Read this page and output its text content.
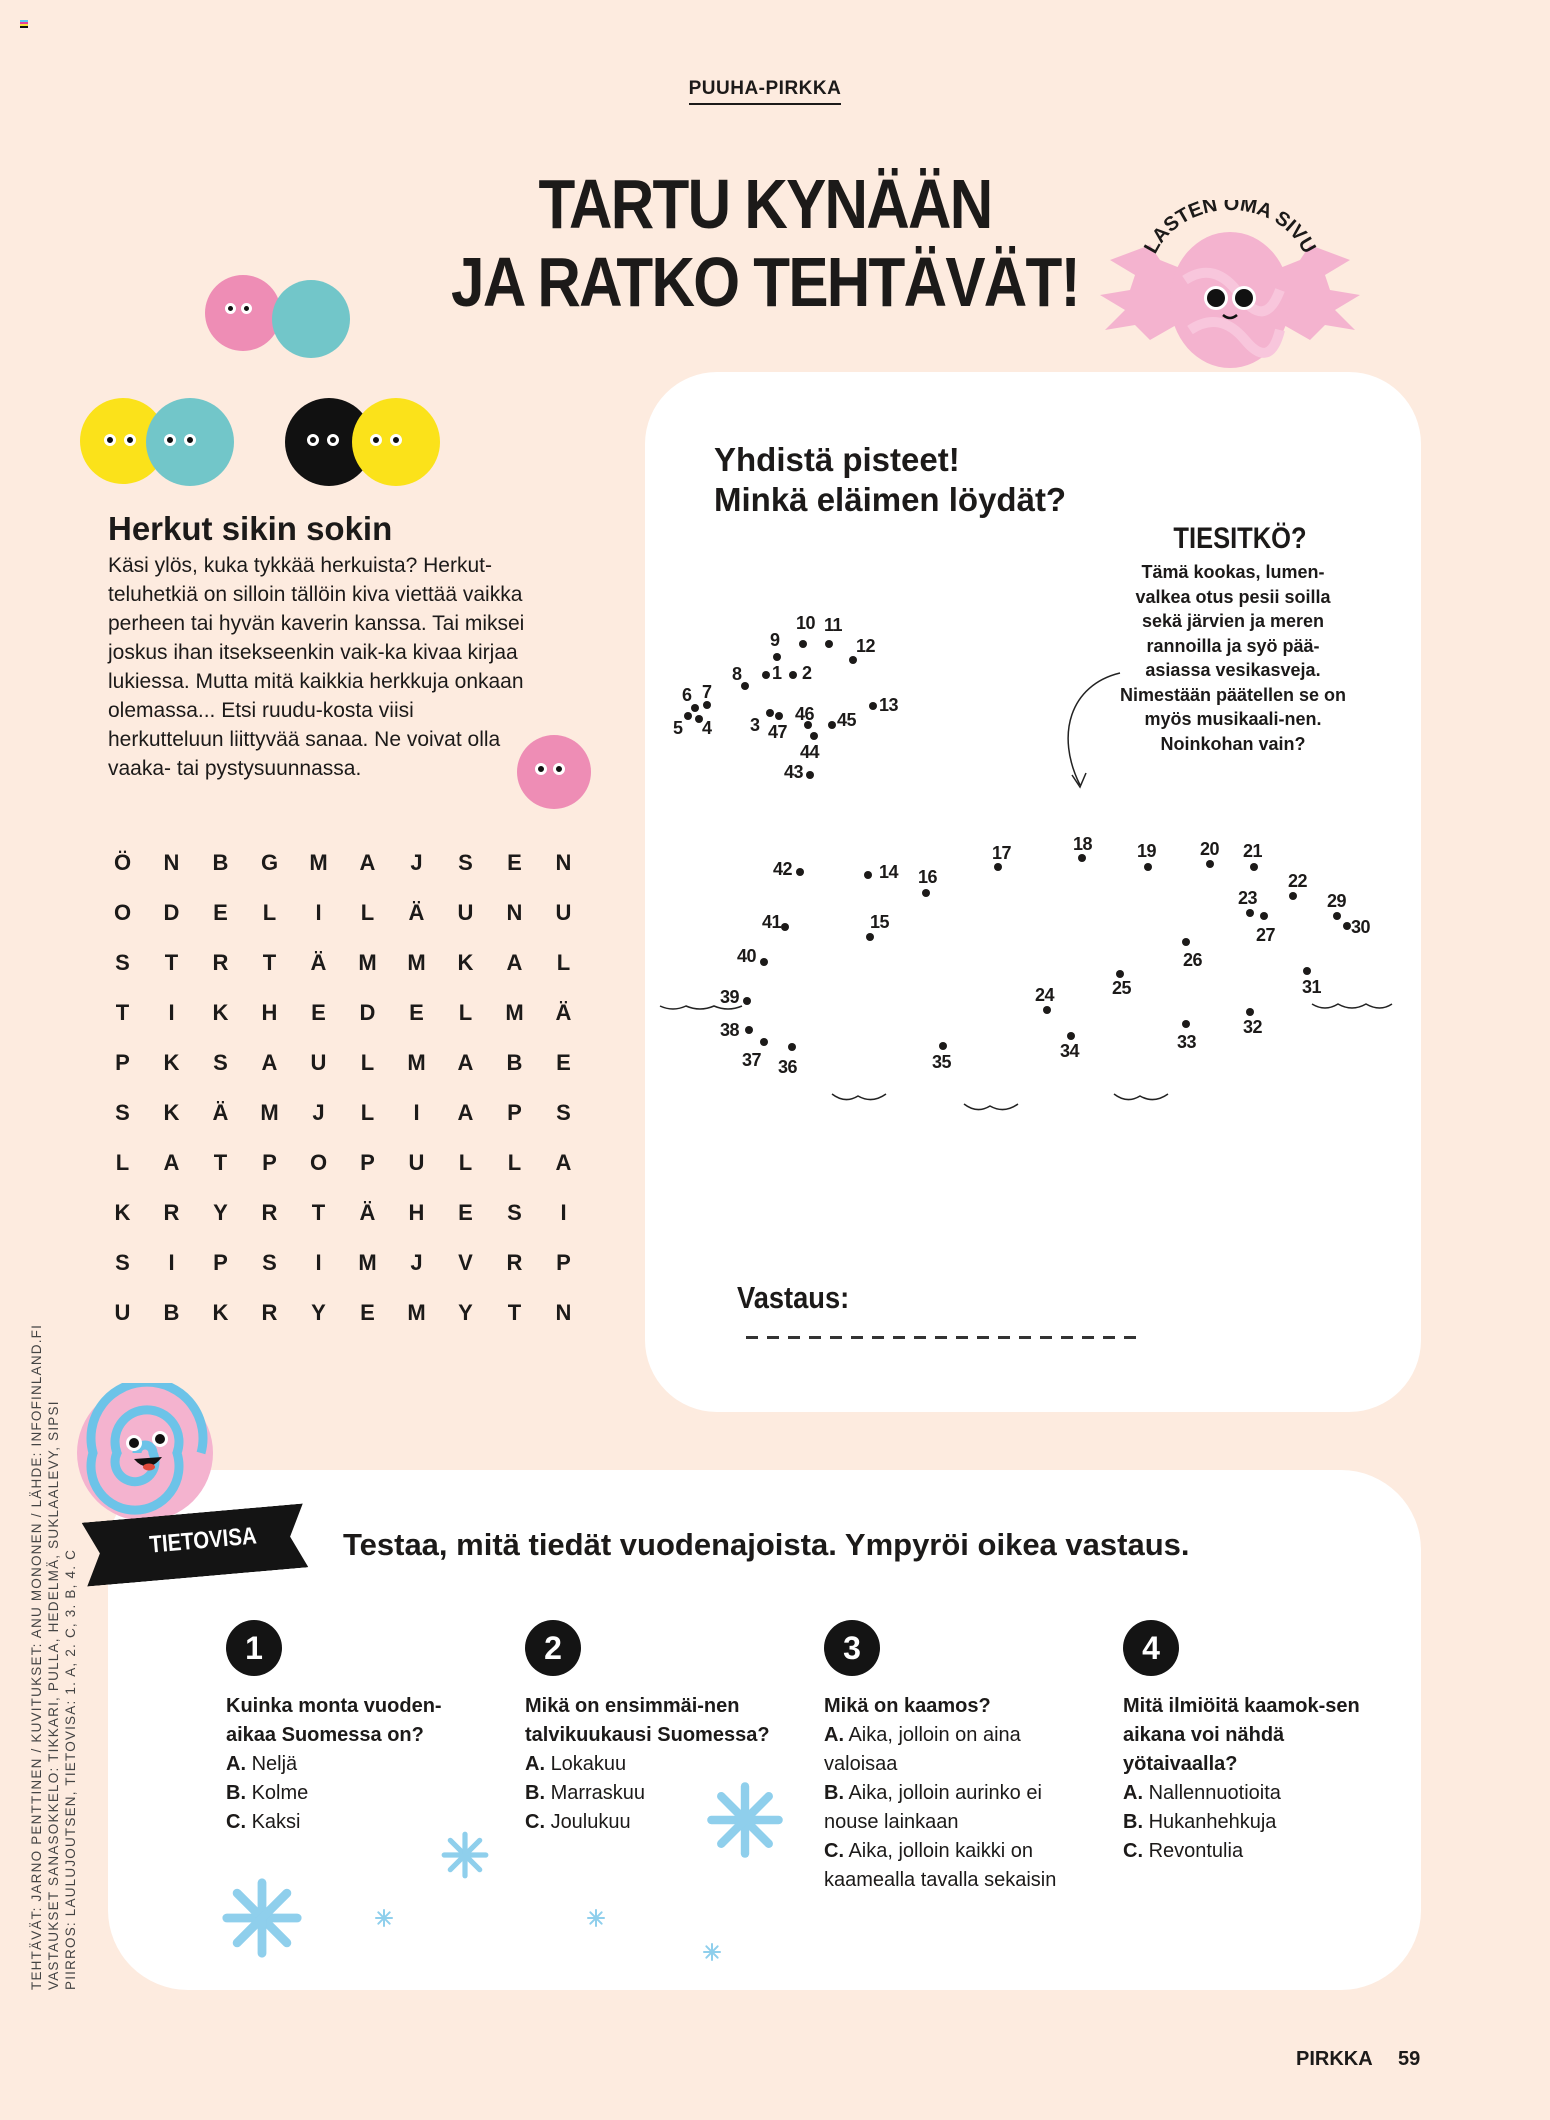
PUUHA-PIRKKA
TARTU KYNÄÄN
JA RATKO TEHTÄVÄT!	LASTEN OMA SIVU
Herkut sikin sokin
Käsi ylös, kuka tykkää herkuista? Herkut-teluhetkiä on silloin tällöin kiva viettää vaikka perheen tai hyvän kaverin kanssa. Tai miksei joskus ihan itsekseenkin vaik-ka kivaa kirjaa lukiessa. Mutta mitä kaikkia herkkuja onkaan olemassa... Etsi ruudu-kosta viisi herkutteluun liittyvää sanaa. Ne voivat olla vaaka- tai pystysuunnassa.
Ö	N	B	G	M	A	J	S	E	N
O	D	E	L	I	L	Ä	U	N	U
S	T	R	T	Ä	M	M	K	A	L
T	I	K	H	E	D	E	L	M	Ä
P	K	S	A	U	L	M	A	B	E
S	K	Ä	M	J	L	I	A	P	S
L	A	T	P	O	P	U	L	L	A
K	R	Y	R	T	Ä	H	E	S	I
S	I	P	S	I	M	J	V	R	P
U	B	K	R	Y	E	M	Y	T	N
Yhdistä pisteet!
Minkä eläimen löydät?
TIESITKÖ?
Tämä kookas, lumen-valkea otus pesii soilla sekä järvien ja meren rannoilla ja syö pää-asiassa vesikasveja. Nimestään päätellen se on myös musikaali-nen. Noinkohan vain?
1 2
3
4
5
6 7
8
9
10 11
12
13
14
15
16
17	18 19 20 21
22
23
24	25
26
27
29
30
31
32
33
34
35
36
37
38
39
40
41
42
43
44
45
46
47
Vastaus:
TIETOVISA	Testaa, mitä tiedät vuodenajoista. Ympyröi oikea vastaus.
1
Kuinka monta vuoden-aikaa Suomessa on?
A. Neljä
B. Kolme
C. Kaksi
2
Mikä on ensimmäi-nen talvikuukausi Suomessa?
A. Lokakuu
B. Marraskuu
C. Joulukuu
3
Mikä on kaamos?
A. Aika, jolloin on aina valoisaa
B. Aika, jolloin aurinko ei nouse lainkaan
C. Aika, jolloin kaikki on kaamealla tavalla sekaisin
4
Mitä ilmiöitä kaamok-sen aikana voi nähdä yötaivaalla?
A. Nallennuotioita
B. Hukanhehkuja
C. Revontulia
TEHTÄVÄT: JARNO PENTTINEN / KUVITUKSET: ANU MONONEN / LÄHDE: INFOFINLAND.FI VASTAUKSET SANASOKKELO: TIKKARI, PULLA, HEDELMÄ, SUKLAALEVY, SIPSI PIIRROS: LAULUJOUTSEN, TIETOVISA: 1. A, 2. C, 3. B, 4. C
PIRKKA 59
